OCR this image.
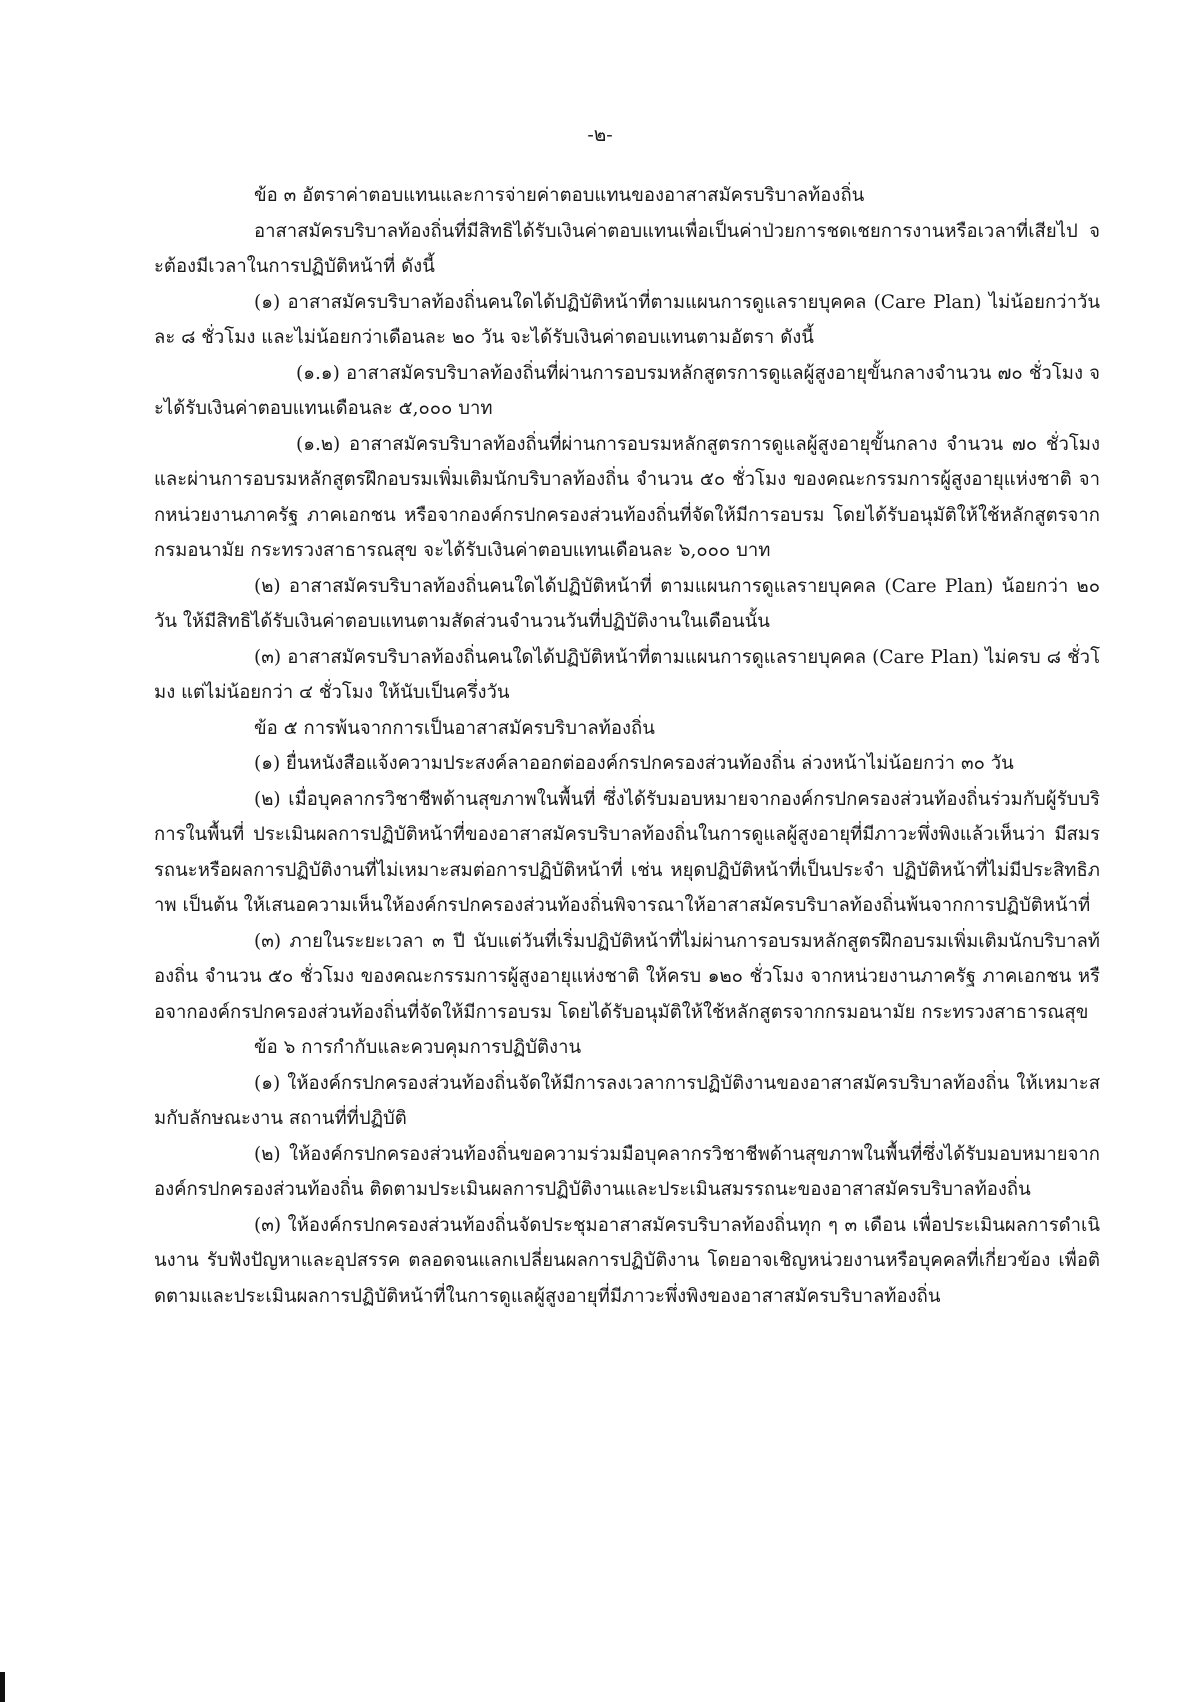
-๒-

ข้อ ๓ อัตราค่าตอบแทนและการจ่ายค่าตอบแทนของอาสาสมัครบริบาลท้องถิ่น

อาสาสมัครบริบาลท้องถิ่นที่มีสิทธิได้รับเงินค่าตอบแทนเพื่อเป็นค่าป่วยการชดเชยการงานหรือเวลาที่เสียไป จะต้องมีเวลาในการปฏิบัติหน้าที่ ดังนี้

(๑) อาสาสมัครบริบาลท้องถิ่นคนใดได้ปฏิบัติหน้าที่ตามแผนการดูแลรายบุคคล (Care Plan) ไม่น้อยกว่าวันละ ๘ ชั่วโมง และไม่น้อยกว่าเดือนละ ๒๐ วัน จะได้รับเงินค่าตอบแทนตามอัตรา ดังนี้

(๑.๑) อาสาสมัครบริบาลท้องถิ่นที่ผ่านการอบรมหลักสูตรการดูแลผู้สูงอายุขั้นกลางจำนวน ๗๐ ชั่วโมง จะได้รับเงินค่าตอบแทนเดือนละ ๕,๐๐๐ บาท

(๑.๒) อาสาสมัครบริบาลท้องถิ่นที่ผ่านการอบรมหลักสูตรการดูแลผู้สูงอายุขั้นกลาง จำนวน ๗๐ ชั่วโมง และผ่านการอบรมหลักสูตรฝึกอบรมเพิ่มเติมนักบริบาลท้องถิ่น จำนวน ๕๐ ชั่วโมง ของคณะกรรมการผู้สูงอายุแห่งชาติ จากหน่วยงานภาครัฐ ภาคเอกชน หรือจากองค์กรปกครองส่วนท้องถิ่นที่จัดให้มีการอบรม โดยได้รับอนุมัติให้ใช้หลักสูตรจากกรมอนามัย กระทรวงสาธารณสุข จะได้รับเงินค่าตอบแทนเดือนละ ๖,๐๐๐ บาท

(๒) อาสาสมัครบริบาลท้องถิ่นคนใดได้ปฏิบัติหน้าที่ ตามแผนการดูแลรายบุคคล (Care Plan) น้อยกว่า ๒๐ วัน ให้มีสิทธิได้รับเงินค่าตอบแทนตามสัดส่วนจำนวนวันที่ปฏิบัติงานในเดือนนั้น

(๓) อาสาสมัครบริบาลท้องถิ่นคนใดได้ปฏิบัติหน้าที่ตามแผนการดูแลรายบุคคล (Care Plan) ไม่ครบ ๘ ชั่วโมง แต่ไม่น้อยกว่า ๔ ชั่วโมง ให้นับเป็นครึ่งวัน

ข้อ ๕ การพ้นจากการเป็นอาสาสมัครบริบาลท้องถิ่น

(๑) ยื่นหนังสือแจ้งความประสงค์ลาออกต่อองค์กรปกครองส่วนท้องถิ่น ล่วงหน้าไม่น้อยกว่า ๓๐ วัน

(๒) เมื่อบุคลากรวิชาชีพด้านสุขภาพในพื้นที่ ซึ่งได้รับมอบหมายจากองค์กรปกครองส่วนท้องถิ่นร่วมกับผู้รับบริการในพื้นที่ ประเมินผลการปฏิบัติหน้าที่ของอาสาสมัครบริบาลท้องถิ่นในการดูแลผู้สูงอายุที่มีภาวะพึ่งพิงแล้วเห็นว่า มีสมรรถนะหรือผลการปฏิบัติงานที่ไม่เหมาะสมต่อการปฏิบัติหน้าที่ เช่น หยุดปฏิบัติหน้าที่เป็นประจำ ปฏิบัติหน้าที่ไม่มีประสิทธิภาพ เป็นต้น ให้เสนอความเห็นให้องค์กรปกครองส่วนท้องถิ่นพิจารณาให้อาสาสมัครบริบาลท้องถิ่นพ้นจากการปฏิบัติหน้าที่

(๓) ภายในระยะเวลา ๓ ปี นับแต่วันที่เริ่มปฏิบัติหน้าที่ไม่ผ่านการอบรมหลักสูตรฝึกอบรมเพิ่มเติมนักบริบาลท้องถิ่น จำนวน ๕๐ ชั่วโมง ของคณะกรรมการผู้สูงอายุแห่งชาติ ให้ครบ ๑๒๐ ชั่วโมง จากหน่วยงานภาครัฐ ภาคเอกชน หรือจากองค์กรปกครองส่วนท้องถิ่นที่จัดให้มีการอบรม โดยได้รับอนุมัติให้ใช้หลักสูตรจากกรมอนามัย กระทรวงสาธารณสุข

ข้อ ๖ การกำกับและควบคุมการปฏิบัติงาน

(๑) ให้องค์กรปกครองส่วนท้องถิ่นจัดให้มีการลงเวลาการปฏิบัติงานของอาสาสมัครบริบาลท้องถิ่น ให้เหมาะสมกับลักษณะงาน สถานที่ที่ปฏิบัติ

(๒) ให้องค์กรปกครองส่วนท้องถิ่นขอความร่วมมือบุคลากรวิชาชีพด้านสุขภาพในพื้นที่ซึ่งได้รับมอบหมายจากองค์กรปกครองส่วนท้องถิ่น ติดตามประเมินผลการปฏิบัติงานและประเมินสมรรถนะของอาสาสมัครบริบาลท้องถิ่น

(๓) ให้องค์กรปกครองส่วนท้องถิ่นจัดประชุมอาสาสมัครบริบาลท้องถิ่นทุก ๆ ๓ เดือน เพื่อประเมินผลการดำเนินงาน รับฟังปัญหาและอุปสรรค ตลอดจนแลกเปลี่ยนผลการปฏิบัติงาน โดยอาจเชิญหน่วยงานหรือบุคคลที่เกี่ยวข้อง เพื่อติดตามและประเมินผลการปฏิบัติหน้าที่ในการดูแลผู้สูงอายุที่มีภาวะพึ่งพิงของอาสาสมัครบริบาลท้องถิ่น
